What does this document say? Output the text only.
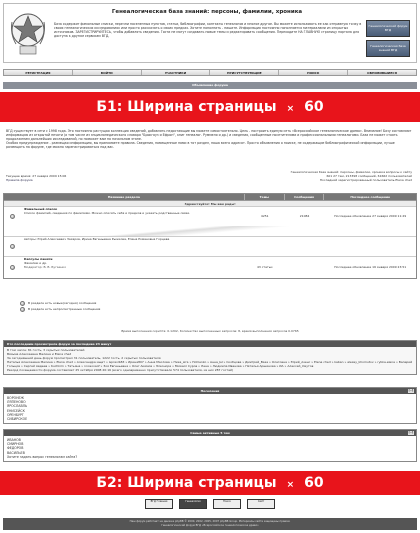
Генеалогическая база знаний: персоны, фамилии, хроника
База содержит фамильные списки, перечни населенных пунктов, статьи, библиографии, контакты генеалогов и многое другое. Вы можете использовать ее как отправную точку в своих генеалогических исследованиях или просто рассказать о своих предках. Хотите пополнить - пишите. Информация постоянно пополняется материалами из открытых источников. ЗАРЕГИСТРИРУЙТЕСЬ, чтобы добавлять сведения. Гости не могут создавать новые темы и редактировать сообщения. Переходите НА ГЛАВНУЮ страницу портала для доступа к другим сервисам ВГД.
Генеалогический форум ВГД
Генеалогическая база знаний ВГД
РЕГИСТРАЦИЯ	ВОЙТИ	УЧАСТНИКИ	ПРИСУТСТВУЮЩИЕ	ПОИСК	ОБНОВИВШИЕСЯ
Объявление форума
Б1: Ширина страницы × 60
ВГД существует в сети с 1998 года. Это постоянно растущая коллекция сведений, добавлять недостающие вы можете самостоятельно. Цель - построить единую сеть «Всероссийское генеалогическое древо». Внимание! Базу составляют информацию из открытой печати (а том числе из энциклопедического словаря "Брокгауз и Ефрон", книг генеалог. Руммеля и др.) и сведения, сообщенные посетителями и профессиональными генеалогами. База не может стоять продолженим дальнейших исследований, но поможет вам на начальном этапе.
Особая предупреждение - размещая информацию, вы принимаете правила. Сведения, помещенные нами в тот раздел, наша всего адресат. Просто объявления о поиске, не содержащие библиографической информации, лучше размещать на форуме, где можно зарегистрироваться под вас.
Генеалогическая база знаний: персоны, фамилии, хроника вопросы к сайту
601 27 тем, 213398 сообщений, 61662 пользователей
Последний зарегистрированный пользователь Elena ched
Текущее время: 27 января 2009 15:06
Правила форума
Название раздела	Темы	Сообщения	Последнее сообщение
Здравствуйте! Мы вам рады!
Фамильный список
Список фамилий, сведения по фамилиям. Можно описать себя и предков и указать родственные связи.
4251	21084	Последнее обновление 27 января 2009 11:29
Авторы: Юрий Алексеевич Захаров, Ирина Евгеньевна Рыжкова, Елена Романовна Горцева
Капсулы памяти
Фамилии и др.
Модератор: В. В. Бугаенко	43 статьи	Последнее обновление 16 января 2009 23:51
В разделе есть новые(сегодня) сообщения
В разделе есть непросмотренные сообщения
Время выполнения скрипта: 0.1202, Количество выполненных запросов: 8, время выполнения запросов 0.0765
Кто последним просмотрели форум за последние 24 минут
В том числе: 81 гость, 3 скрытых пользователей
Вязьма Алексеевна Мелина и Elena ched
За сегодняшний день форум просмотрел 31 пользователь, 1222 гость, 2 скрытых пользователя
Наталья Алексеевна Мелина » Elena ched » Александра ищет » ispravlb83 » Ирина807 » Анна Маслова » Ника_мга » Hohlenko » Анна_Ш » Скобцова » Дмитрий_Ваза » Олеговна » Юрий_Азенс » Elena ched » kaban » alexey_khomutov » rybka.elena » Валерий Гольцов » Сергей Авдеев » Kuchkim » Татьяна » nnosovaof » Зоя Евгеньевна » Олег Акимов » Элеонора » Михаил Суров » Лена » Людмила Иванова » Наталья Аршинова » ИА » Алексей_Хмутов
Рекорд посещаемости форума составляет 25 октября 2008 20:16 (всего одновременно присутствовало 574 пользователя, из них 287 гостей)
Поселения	[−]
ВОРОНЕЖ
ЛЯПЕНОВО
ЯРОСЛАВЛЬ
ЕНИСЕЙСК
ОРЕНБУРГ
СИБИРСКОЕ
Самые активные 5 тем	[−]
ИВАНОВ
СМИРНОВ
ФЕДОРОВ
ВАСИЛЬЕВ
Хотите задать вопрос генеалогам сайта?
Б2: Ширина страницы × 60
ВГД Главная	Генеалогия	Поиск	Сайт
Наш форум работает на движке phpBB © 2000, 2002, 2005, 2007 phpBB Group. Материалы сайта защищены правом.
Генеалогический форум ВГД «Всероссийское генеалогическое древо»
